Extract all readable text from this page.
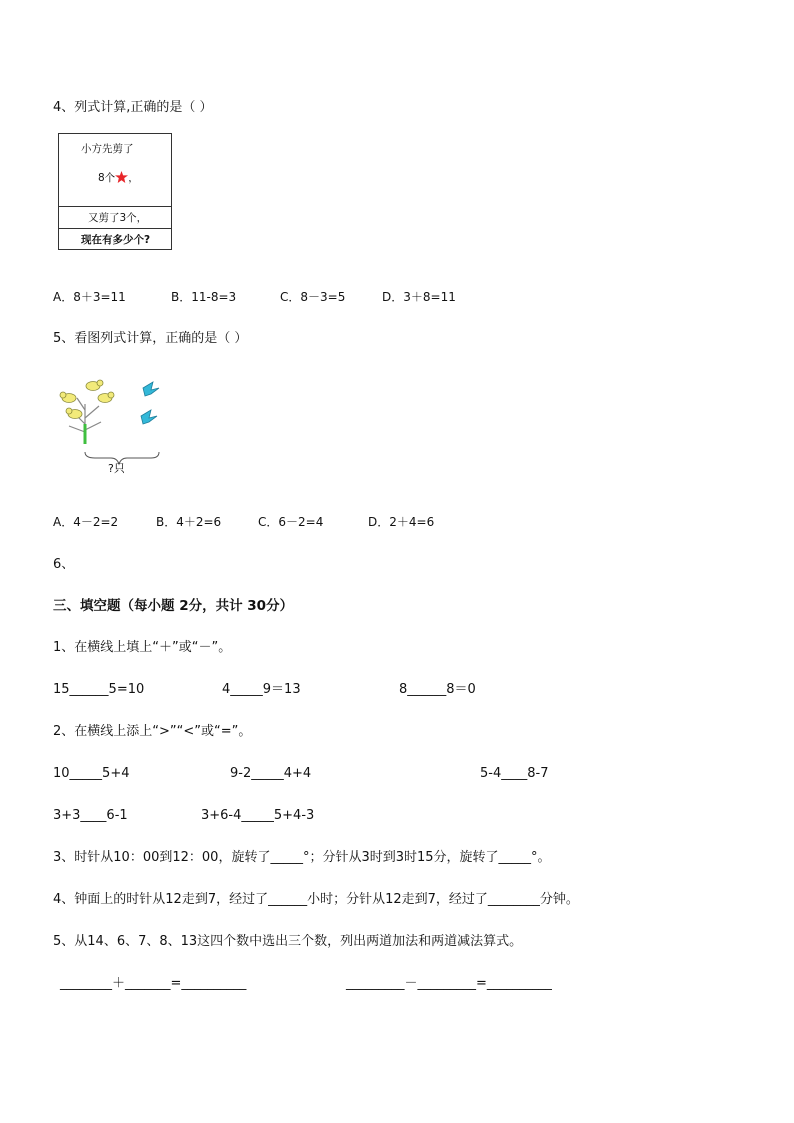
4、列式计算,正确的是（ ）
小方先剪了
8个 ，
又剪了3个，
现在有多少个?
A．8＋3=11	B．11-8=3	C．8－3=5	D．3＋8=11
5、看图列式计算，正确的是（ ）
?只
A．4－2=2	B．4＋2=6	C．6－2=4	D．2＋4=6
6、
三、填空题（每小题 2分，共计 30分）
1、在横线上填上“＋”或“－”。
15______5=10	4_____9＝13	8______8＝0
2、在横线上添上“>”“<”或“=”。
10_____5+4	9-2_____4+4	5-4____8-7
3+3____6-1	3+6-4_____5+4-3
3、时针从10：00到12：00，旋转了_____°；分针从3时到3时15分，旋转了_____°。
4、钟面上的时针从12走到7，经过了______小时；分针从12走到7，经过了________分钟。
5、从14、6、7、8、13这四个数中选出三个数，列出两道加法和两道减法算式。
________＋_______=__________	_________－_________=__________
